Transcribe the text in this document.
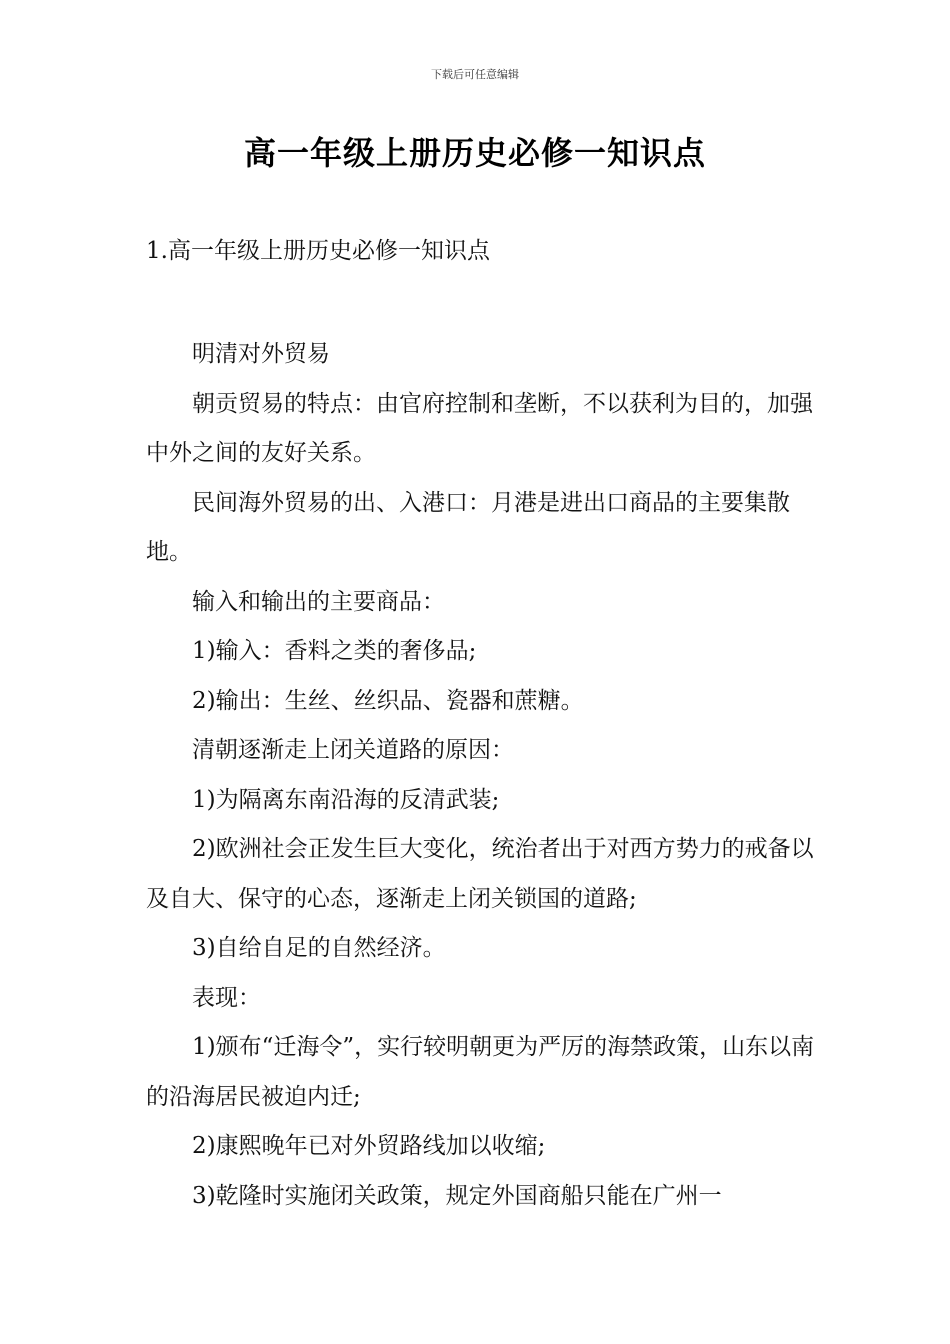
下载后可任意编辑
高一年级上册历史必修一知识点
1.高一年级上册历史必修一知识点

明清对外贸易

朝贡贸易的特点：由官府控制和垄断，不以获利为目的，加强中外之间的友好关系。

民间海外贸易的出、入港口：月港是进出口商品的主要集散地。

输入和输出的主要商品：

1)输入：香料之类的奢侈品;

2)输出：生丝、丝织品、瓷器和蔗糖。

清朝逐渐走上闭关道路的原因：

1)为隔离东南沿海的反清武装;

2)欧洲社会正发生巨大变化，统治者出于对西方势力的戒备以及自大、保守的心态，逐渐走上闭关锁国的道路;

3)自给自足的自然经济。

表现：

1)颁布“迁海令”，实行较明朝更为严厉的海禁政策，山东以南的沿海居民被迫内迁;

2)康熙晚年已对外贸路线加以收缩;

3)乾隆时实施闭关政策，规定外国商船只能在广州一
